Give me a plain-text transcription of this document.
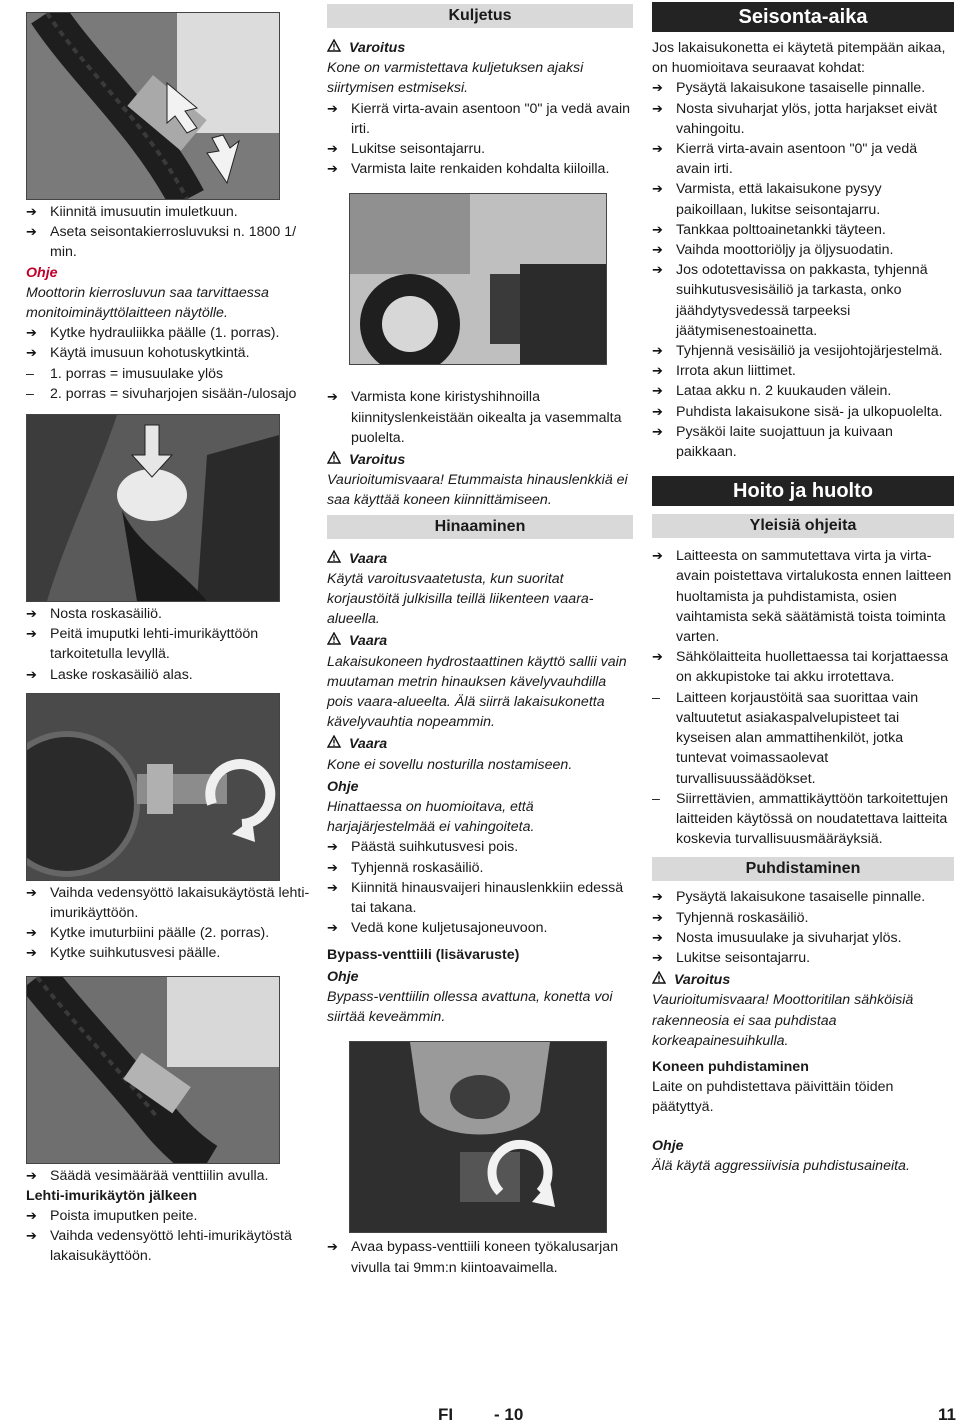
➔ Kiinnitä imusuutin imuletkuun.
➔ Aseta seisontakierrosluvuksi n. 1800 1/ min.
Ohje
Moottorin kierrosluvun saa tarvittaessa monitoiminäyttölaitteen näytölle.
➔ Kytke hydrauliikka päälle (1. porras).
➔ Käytä imusuun kohotuskytkintä.
–	1. porras = imusuulake ylös
–	2. porras = sivuharjojen sisään-/ulosajo
➔ Nosta roskasäiliö.
➔ Peitä imuputki lehti-imurikäyttöön tarkoitetulla levyllä.
➔ Laske roskasäiliö alas.
➔ Vaihda vedensyöttö lakaisukäytöstä lehti-imurikäyttöön.
➔ Kytke imuturbiini päälle (2. porras).
➔ Kytke suihkutusvesi päälle.
➔ Säädä vesimäärää venttiilin avulla.
Lehti-imurikäytön jälkeen
➔ Poista imuputken peite.
➔ Vaihda vedensyöttö lehti-imurikäytöstä lakaisukäyttöön.
Kuljetus
Varoitus
Kone on varmistettava kuljetuksen ajaksi siirtymisen estmiseksi.
➔ Kierrä virta-avain asentoon "0" ja vedä avain irti.
➔ Lukitse seisontajarru.
➔ Varmista laite renkaiden kohdalta kiiloilla.
➔ Varmista kone kiristyshihnoilla kiinnityslenkeistään oikealta ja vasemmalta puolelta.
Varoitus
Vaurioitumisvaara! Etummaista hinauslenkkiä ei saa käyttää koneen kiinnittämiseen.
Hinaaminen
Vaara
Käytä varoitusvaatetusta, kun suoritat korjaustöitä julkisilla teillä liikenteen vaara-alueella.
Vaara
Lakaisukoneen hydrostaattinen käyttö sallii vain muutaman metrin hinauksen kävelyvauhdilla pois vaara-alueelta. Älä siirrä lakaisukonetta kävelyvauhtia nopeammin.
Vaara
Kone ei sovellu nosturilla nostamiseen.
Ohje
Hinattaessa on huomioitava, että harjajärjestelmää ei vahingoiteta.
➔ Päästä suihkutusvesi pois.
➔ Tyhjennä roskasäiliö.
➔ Kiinnitä hinausvaijeri hinauslenkkiin edessä tai takana.
➔ Vedä kone kuljetusajoneuvoon.
Bypass-venttiili (lisävaruste)
Ohje
Bypass-venttiilin ollessa avattuna, konetta voi siirtää keveämmin.
➔ Avaa bypass-venttiili koneen työkalusarjan vivulla tai 9mm:n kiintoavaimella.
Seisonta-aika
Jos lakaisukonetta ei käytetä pitempään aikaa, on huomioitava seuraavat kohdat:
➔ Pysäytä lakaisukone tasaiselle pinnalle.
➔ Nosta sivuharjat ylös, jotta harjakset eivät vahingoitu.
➔ Kierrä virta-avain asentoon "0" ja vedä avain irti.
➔ Varmista, että lakaisukone pysyy paikoillaan, lukitse seisontajarru.
➔ Tankkaa polttoainetankki täyteen.
➔ Vaihda moottoriöljy ja öljysuodatin.
➔ Jos odotettavissa on pakkasta, tyhjennä suihkutusvesisäiliö ja tarkasta, onko jäähdytysvedessä tarpeeksi jäätymisenestoainetta.
➔ Tyhjennä vesisäiliö ja vesijohtojärjestelmä.
➔ Irrota akun liittimet.
➔ Lataa akku n. 2 kuukauden välein.
➔ Puhdista lakaisukone sisä- ja ulkopuolelta.
➔ Pysäköi laite suojattuun ja kuivaan paikkaan.
Hoito ja huolto
Yleisiä ohjeita
➔ Laitteesta on sammutettava virta ja virta-avain poistettava virtalukosta ennen laitteen huoltamista ja puhdistamista, osien vaihtamista sekä säätämistä toista toiminta varten.
➔ Sähkölaitteita huollettaessa tai korjattaessa on akkupistoke tai akku irrotettava.
–	Laitteen korjaustöitä saa suorittaa vain valtuutetut asiakaspalvelupisteet tai kyseisen alan ammattihenkilöt, jotka tuntevat voimassaolevat turvallisuussäädökset.
–	Siirrettävien, ammattikäyttöön tarkoitettujen laitteiden käytössä on noudatettava laitteita koskevia turvallisuusmääräyksiä.
Puhdistaminen
➔ Pysäytä lakaisukone tasaiselle pinnalle.
➔ Tyhjennä roskasäiliö.
➔ Nosta imusuulake ja sivuharjat ylös.
➔ Lukitse seisontajarru.
Varoitus
Vaurioitumisvaara! Moottoritilan sähköisiä rakenneosia ei saa puhdistaa korkeapainesuihkulla.
Koneen puhdistaminen
Laite on puhdistettava päivittäin töiden päätyttyä.
Ohje
Älä käytä aggressiivisia puhdistusaineita.
FI - 10	11
